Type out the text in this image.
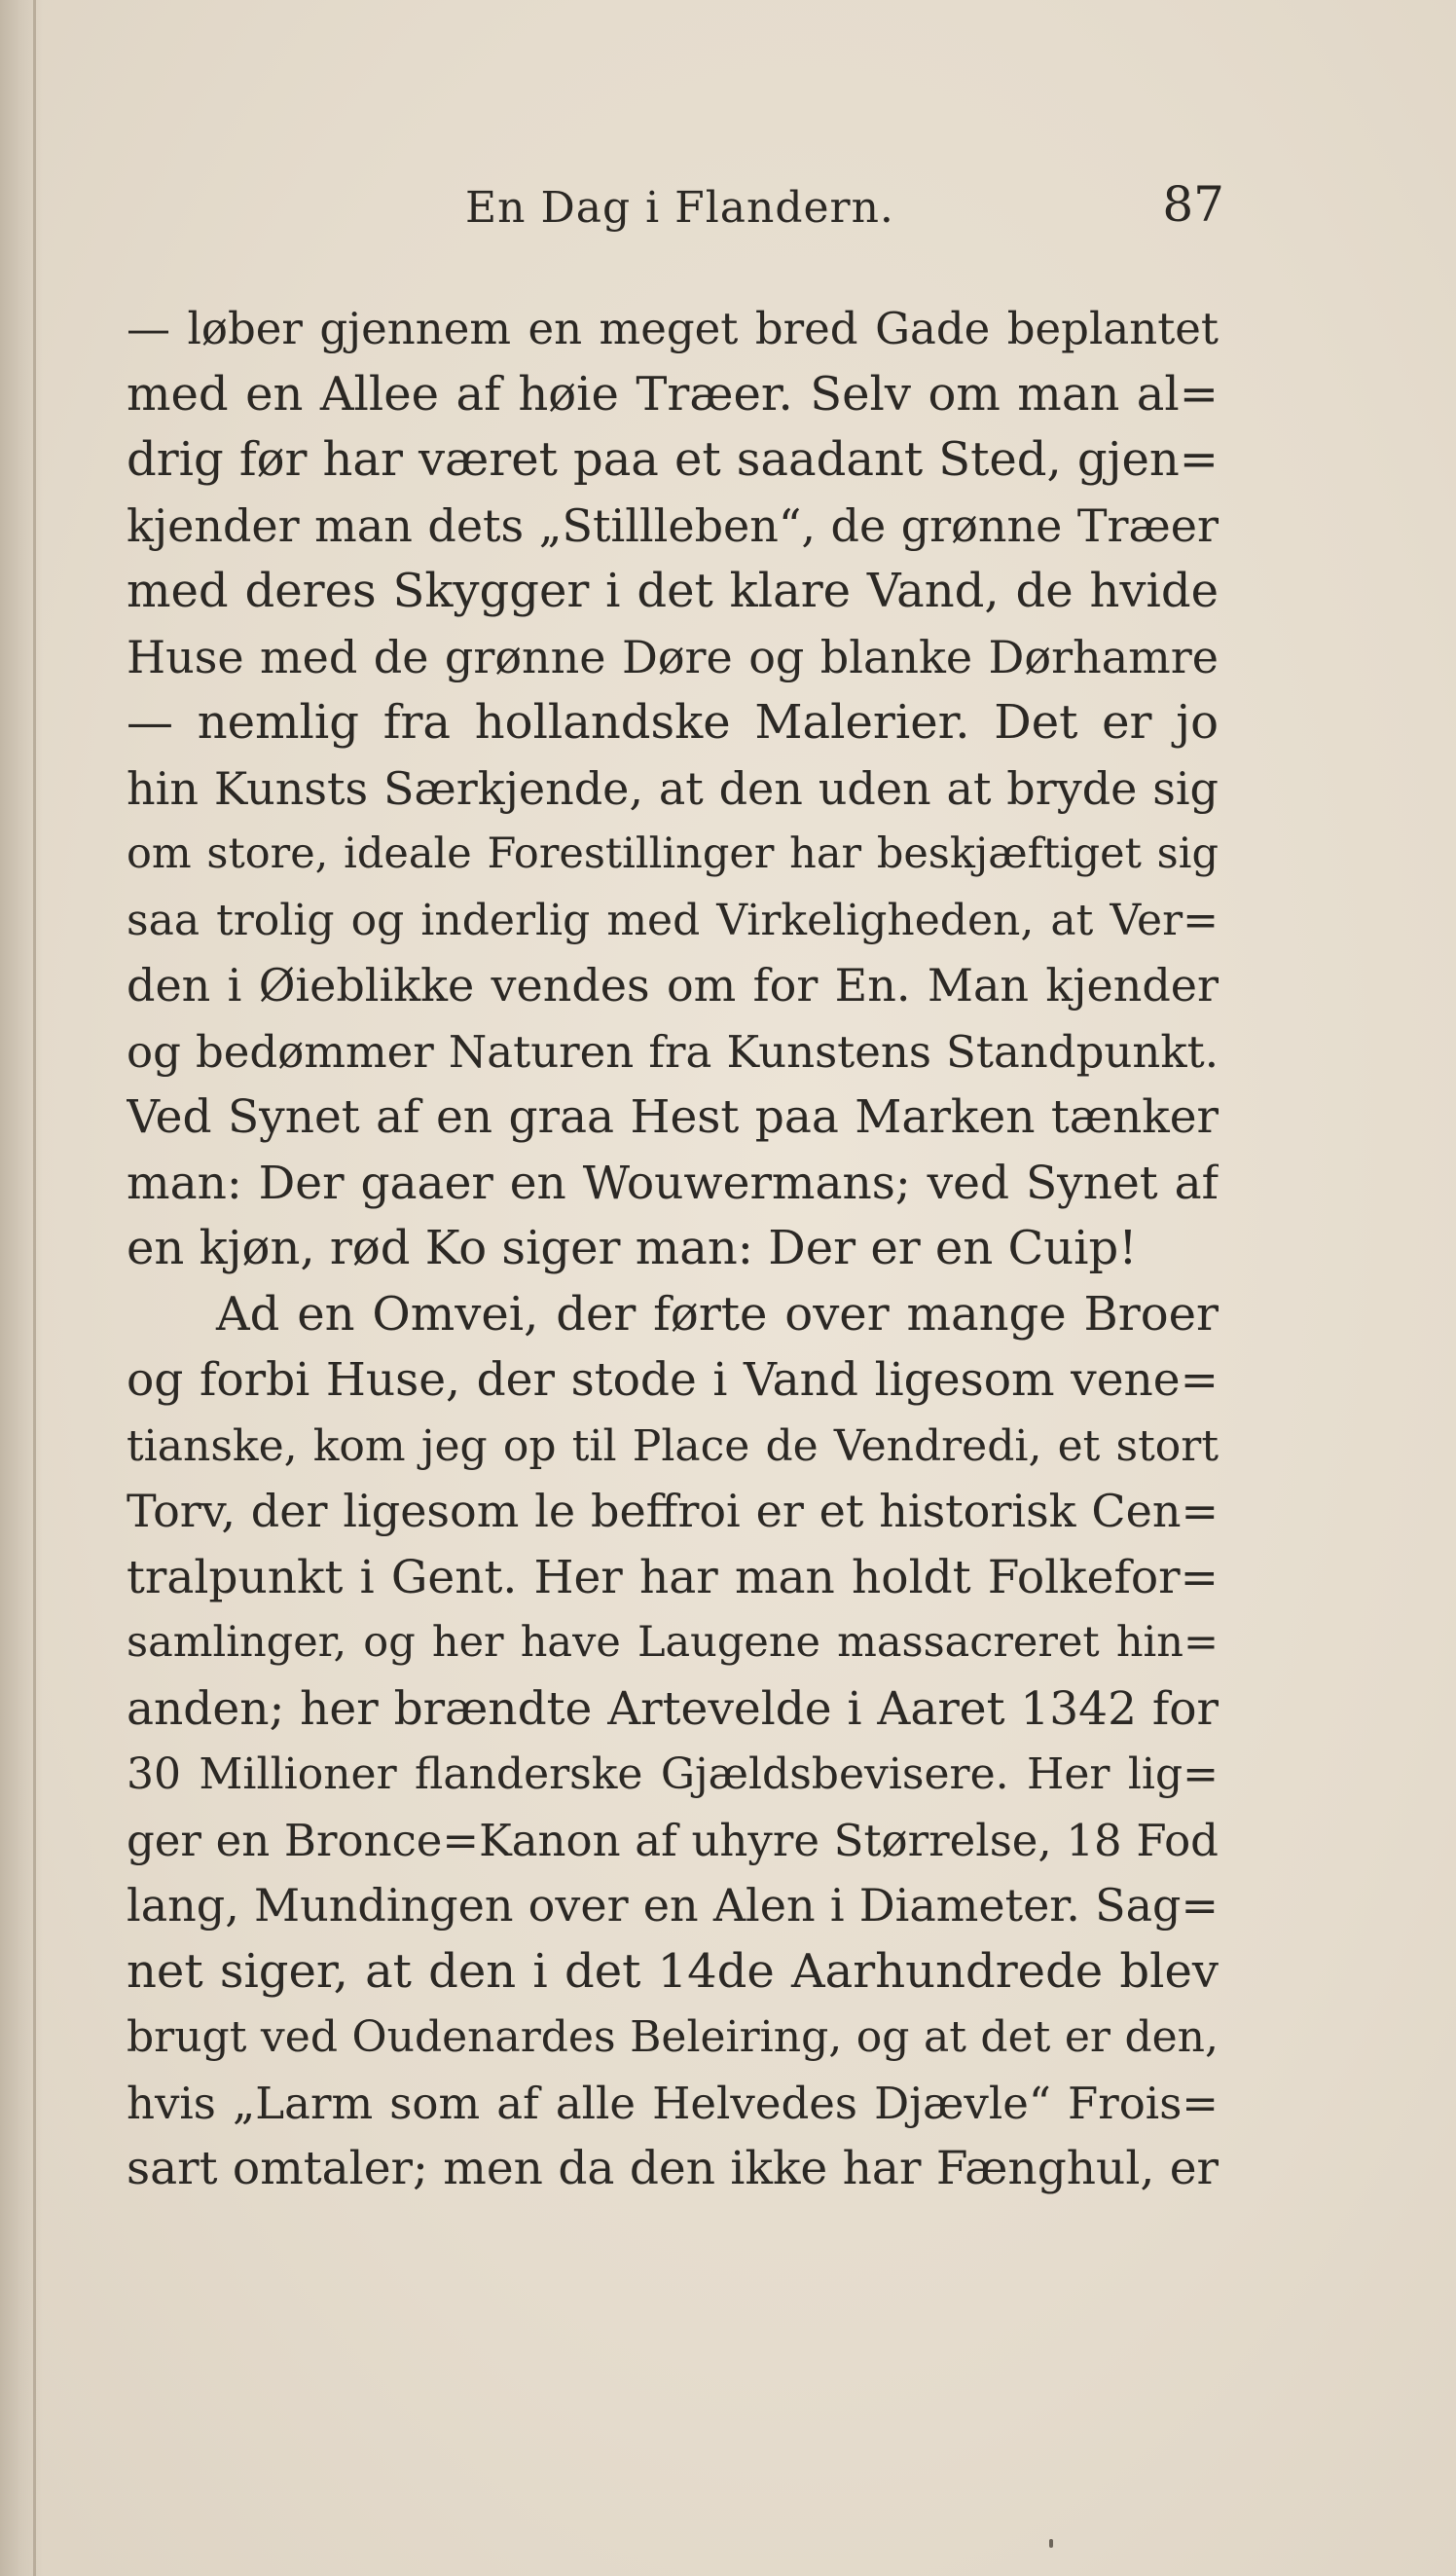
En Dag i Flandern.	87
— løber gjennem en meget bred Gade beplantet
med en Allee af høie Træer. Selv om man al=
drig før har været paa et saadant Sted, gjen=
kjender man dets „Stillleben“, de grønne Træer
med deres Skygger i det klare Vand, de hvide
Huse med de grønne Døre og blanke Dørhamre
— nemlig fra hollandske Malerier. Det er jo
hin Kunsts Særkjende, at den uden at bryde sig
om store, ideale Forestillinger har beskjæftiget sig
saa trolig og inderlig med Virkeligheden, at Ver=
den i Øieblikke vendes om for En. Man kjender
og bedømmer Naturen fra Kunstens Standpunkt.
Ved Synet af en graa Hest paa Marken tænker
man: Der gaaer en Wouwermans; ved Synet af
en kjøn, rød Ko siger man: Der er en Cuip!
Ad en Omvei, der førte over mange Broer
og forbi Huse, der stode i Vand ligesom vene=
tianske, kom jeg op til Place de Vendredi, et stort
Torv, der ligesom le beffroi er et historisk Cen=
tralpunkt i Gent. Her har man holdt Folkefor=
samlinger, og her have Laugene massacreret hin=
anden; her brændte Artevelde i Aaret 1342 for
30 Millioner flanderske Gjældsbevisere. Her lig=
ger en Bronce=Kanon af uhyre Størrelse, 18 Fod
lang, Mundingen over en Alen i Diameter. Sag=
net siger, at den i det 14de Aarhundrede blev
brugt ved Oudenardes Beleiring, og at det er den,
hvis „Larm som af alle Helvedes Djævle“ Frois=
sart omtaler; men da den ikke har Fænghul, er
